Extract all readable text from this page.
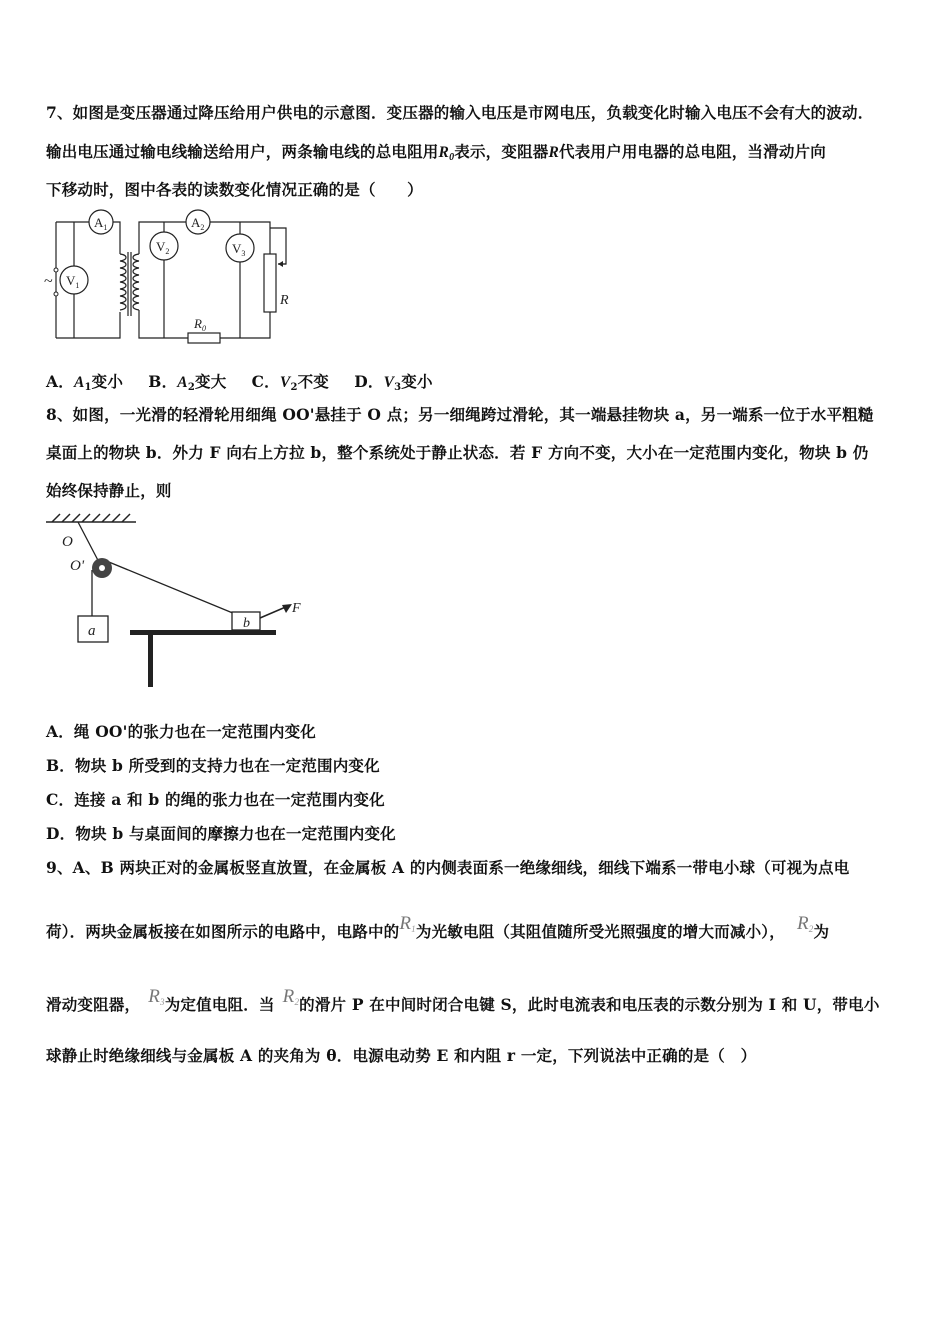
7、如图是变压器通过降压给用户供电的示意图．变压器的输入电压是市网电压，负载变化时输入电压不会有大的波动．
输出电压通过输电线输送给用户，两条输电线的总电阻用$R_0$表示，变阻器R代表用户用电器的总电阻，当滑动片向
下移动时，图中各表的读数变化情况正确的是（　　）
~
$A_1$
$V_1$
$A_2$
$V_2$	$V_3$
R
$R_0$
A．$A_1$变小 B．$A_2$变大 C．$V_2$不变 D．$V_3$变小
8、如图，一光滑的轻滑轮用细绳 OO'悬挂于 O 点；另一细绳跨过滑轮，其一端悬挂物块 a，另一端系一位于水平粗糙
桌面上的物块 b．外力 F 向右上方拉 b，整个系统处于静止状态．若 F 方向不变，大小在一定范围内变化，物块 b 仍
始终保持静止，则
a	b
F
O
O'
A．绳 OO'的张力也在一定范围内变化
B．物块 b 所受到的支持力也在一定范围内变化
C．连接 a 和 b 的绳的张力也在一定范围内变化
D．物块 b 与桌面间的摩擦力也在一定范围内变化
9、A、B 两块正对的金属板竖直放置，在金属板 A 的内侧表面系一绝缘细线，细线下端系一带电小球（可视为点电
荷）．两块金属板接在如图所示的电路中，电路中的$R_1$为光敏电阻（其阻值随所受光照强度的增大而减小）， $R_2$为
滑动变阻器， $R_3$为定值电阻．当 $R_2$的滑片 P 在中间时闭合电键 S，此时电流表和电压表的示数分别为 I 和 U，带电小
球静止时绝缘细线与金属板 A 的夹角为 θ．电源电动势 E 和内阻 r 一定，下列说法中正确的是（　）
